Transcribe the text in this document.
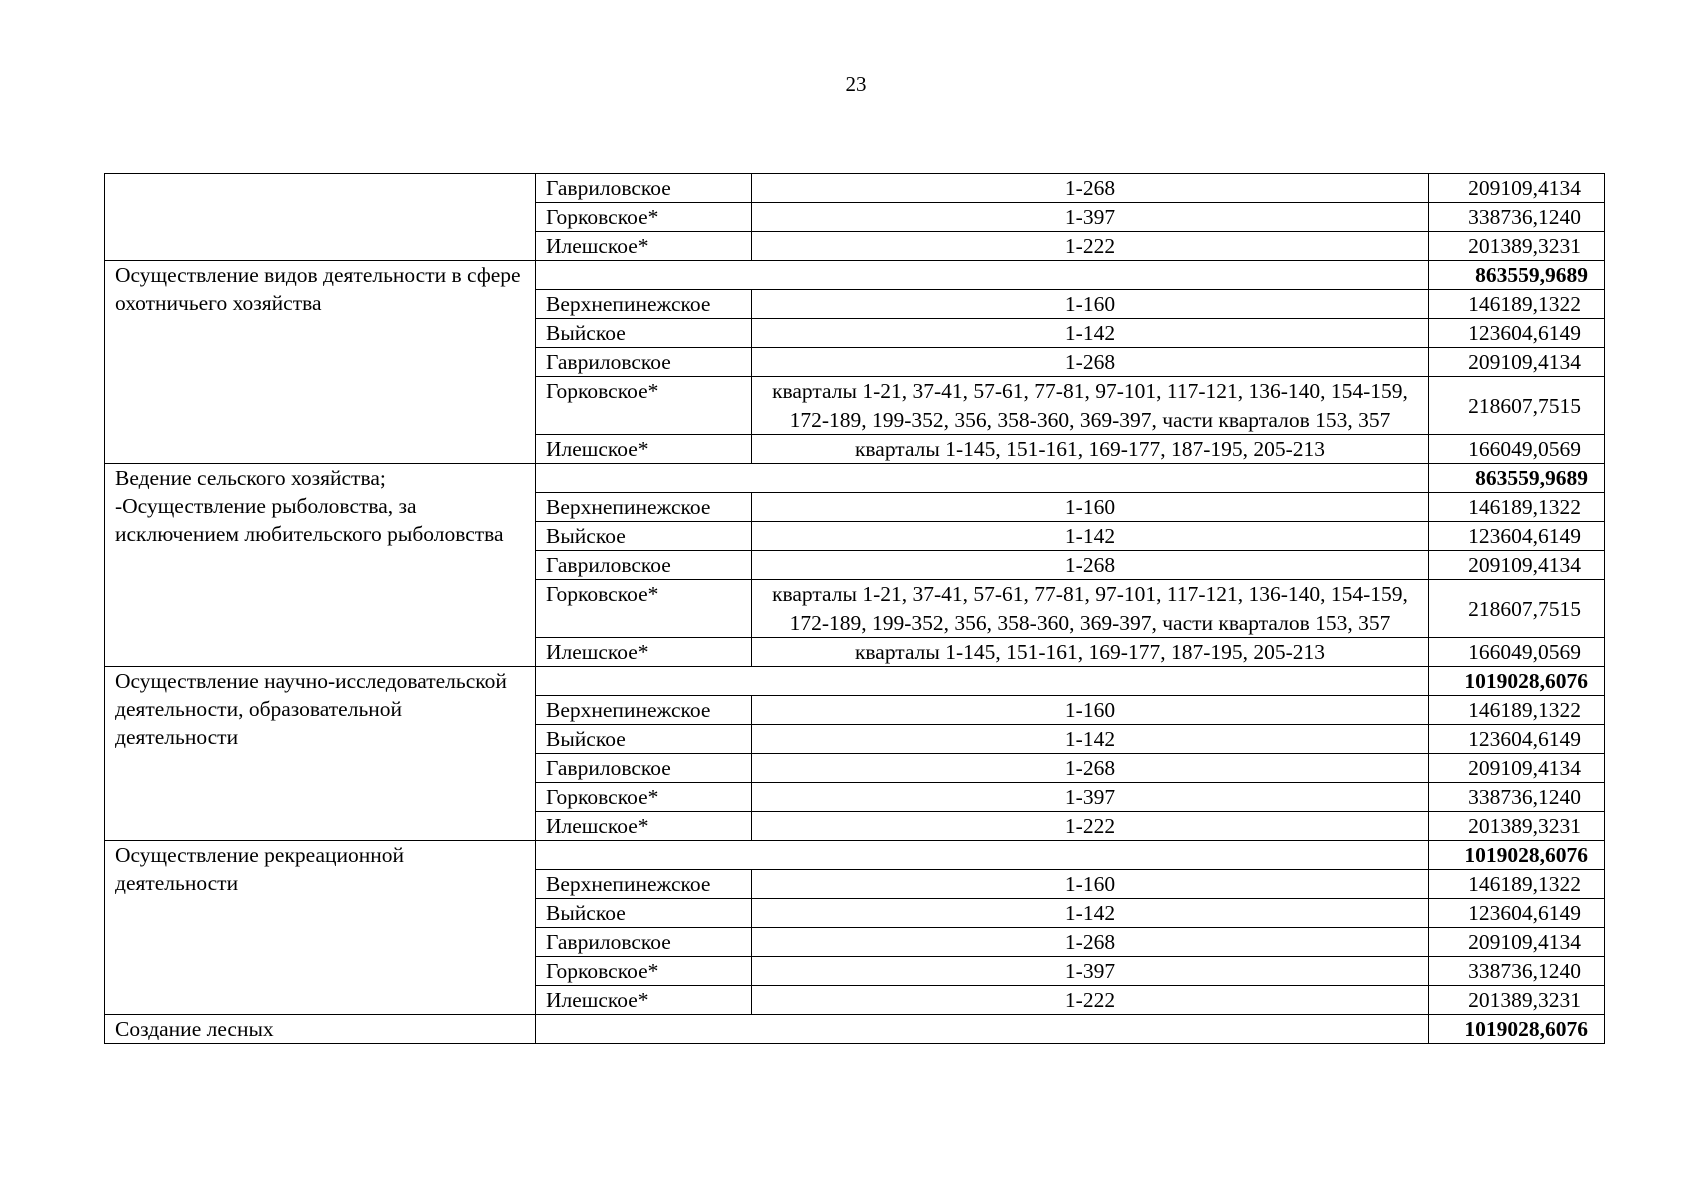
23
	Гавриловское	1-268	209109,4134
	Горковское*	1-397	338736,1240
	Илешское*	1-222	201389,3231
Осуществление видов деятельности в сфере охотничьего хозяйства			863559,9689
	Верхнепинежское	1-160	146189,1322
	Выйское	1-142	123604,6149
	Гавриловское	1-268	209109,4134
	Горковское*	кварталы 1-21, 37-41, 57-61, 77-81, 97-101, 117-121, 136-140, 154-159, 172-189, 199-352, 356, 358-360, 369-397, части кварталов 153, 357	218607,7515
	Илешское*	кварталы 1-145, 151-161, 169-177, 187-195, 205-213	166049,0569
Ведение сельского хозяйства; -Осуществление рыболовства, за исключением любительского рыболовства			863559,9689
	Верхнепинежское	1-160	146189,1322
	Выйское	1-142	123604,6149
	Гавриловское	1-268	209109,4134
	Горковское*	кварталы 1-21, 37-41, 57-61, 77-81, 97-101, 117-121, 136-140, 154-159, 172-189, 199-352, 356, 358-360, 369-397, части кварталов 153, 357	218607,7515
	Илешское*	кварталы 1-145, 151-161, 169-177, 187-195, 205-213	166049,0569
Осуществление научно-исследовательской деятельности, образовательной деятельности			1019028,6076
	Верхнепинежское	1-160	146189,1322
	Выйское	1-142	123604,6149
	Гавриловское	1-268	209109,4134
	Горковское*	1-397	338736,1240
	Илешское*	1-222	201389,3231
Осуществление рекреационной деятельности			1019028,6076
	Верхнепинежское	1-160	146189,1322
	Выйское	1-142	123604,6149
	Гавриловское	1-268	209109,4134
	Горковское*	1-397	338736,1240
	Илешское*	1-222	201389,3231
Создание лесных			1019028,6076
